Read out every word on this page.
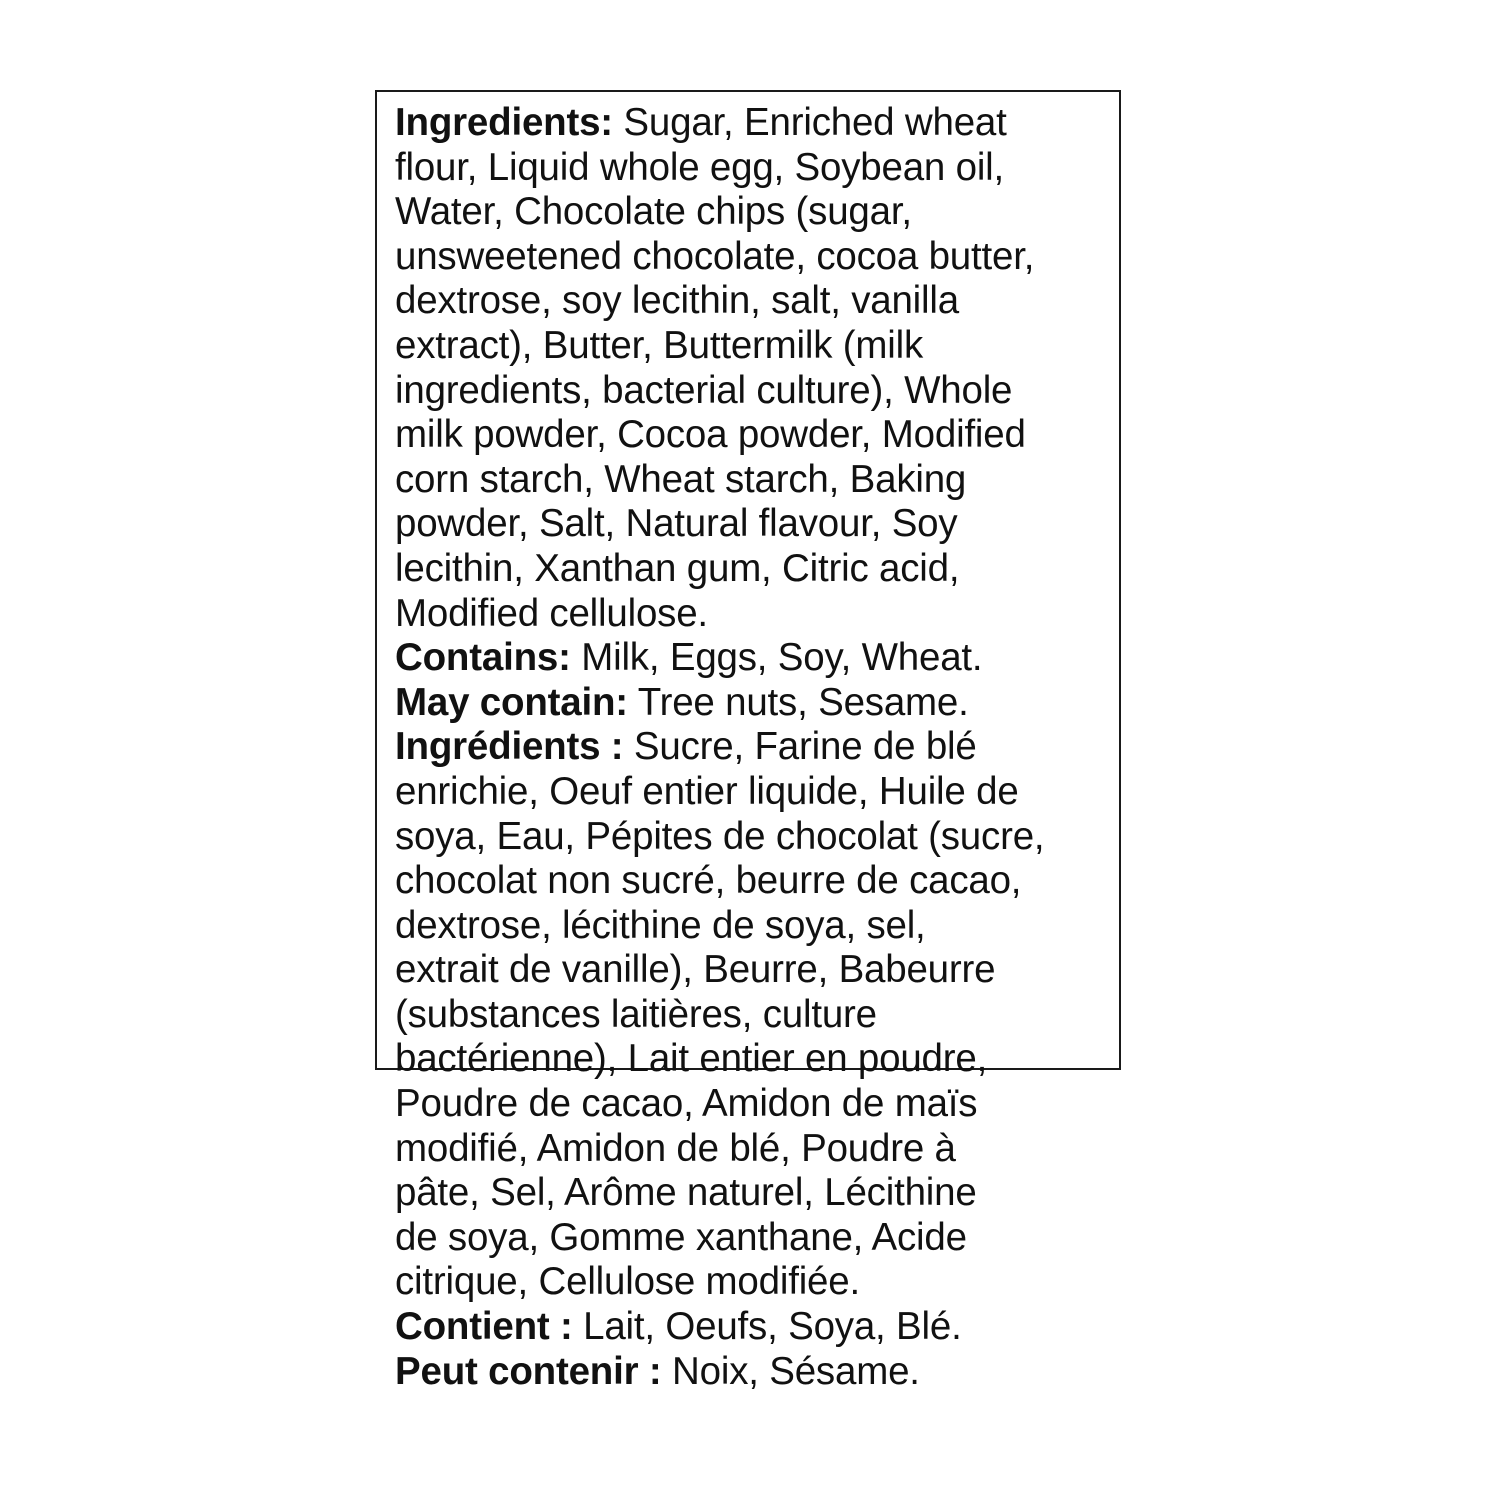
Ingredients: Sugar, Enriched wheat
flour, Liquid whole egg, Soybean oil,
Water, Chocolate chips (sugar,
unsweetened chocolate, cocoa butter,
dextrose, soy lecithin, salt, vanilla
extract), Butter, Buttermilk (milk
ingredients, bacterial culture), Whole
milk powder, Cocoa powder, Modified
corn starch, Wheat starch, Baking
powder, Salt, Natural flavour, Soy
lecithin, Xanthan gum, Citric acid,
Modified cellulose.
Contains: Milk, Eggs, Soy, Wheat.
May contain: Tree nuts, Sesame.
Ingrédients : Sucre, Farine de blé
enrichie, Oeuf entier liquide, Huile de
soya, Eau, Pépites de chocolat (sucre,
chocolat non sucré, beurre de cacao,
dextrose, lécithine de soya, sel,
extrait de vanille), Beurre, Babeurre
(substances laitières, culture
bactérienne), Lait entier en poudre,
Poudre de cacao, Amidon de maïs
modifié, Amidon de blé, Poudre à
pâte, Sel, Arôme naturel, Lécithine
de soya, Gomme xanthane, Acide
citrique, Cellulose modifiée.
Contient : Lait, Oeufs, Soya, Blé.
Peut contenir : Noix, Sésame.
